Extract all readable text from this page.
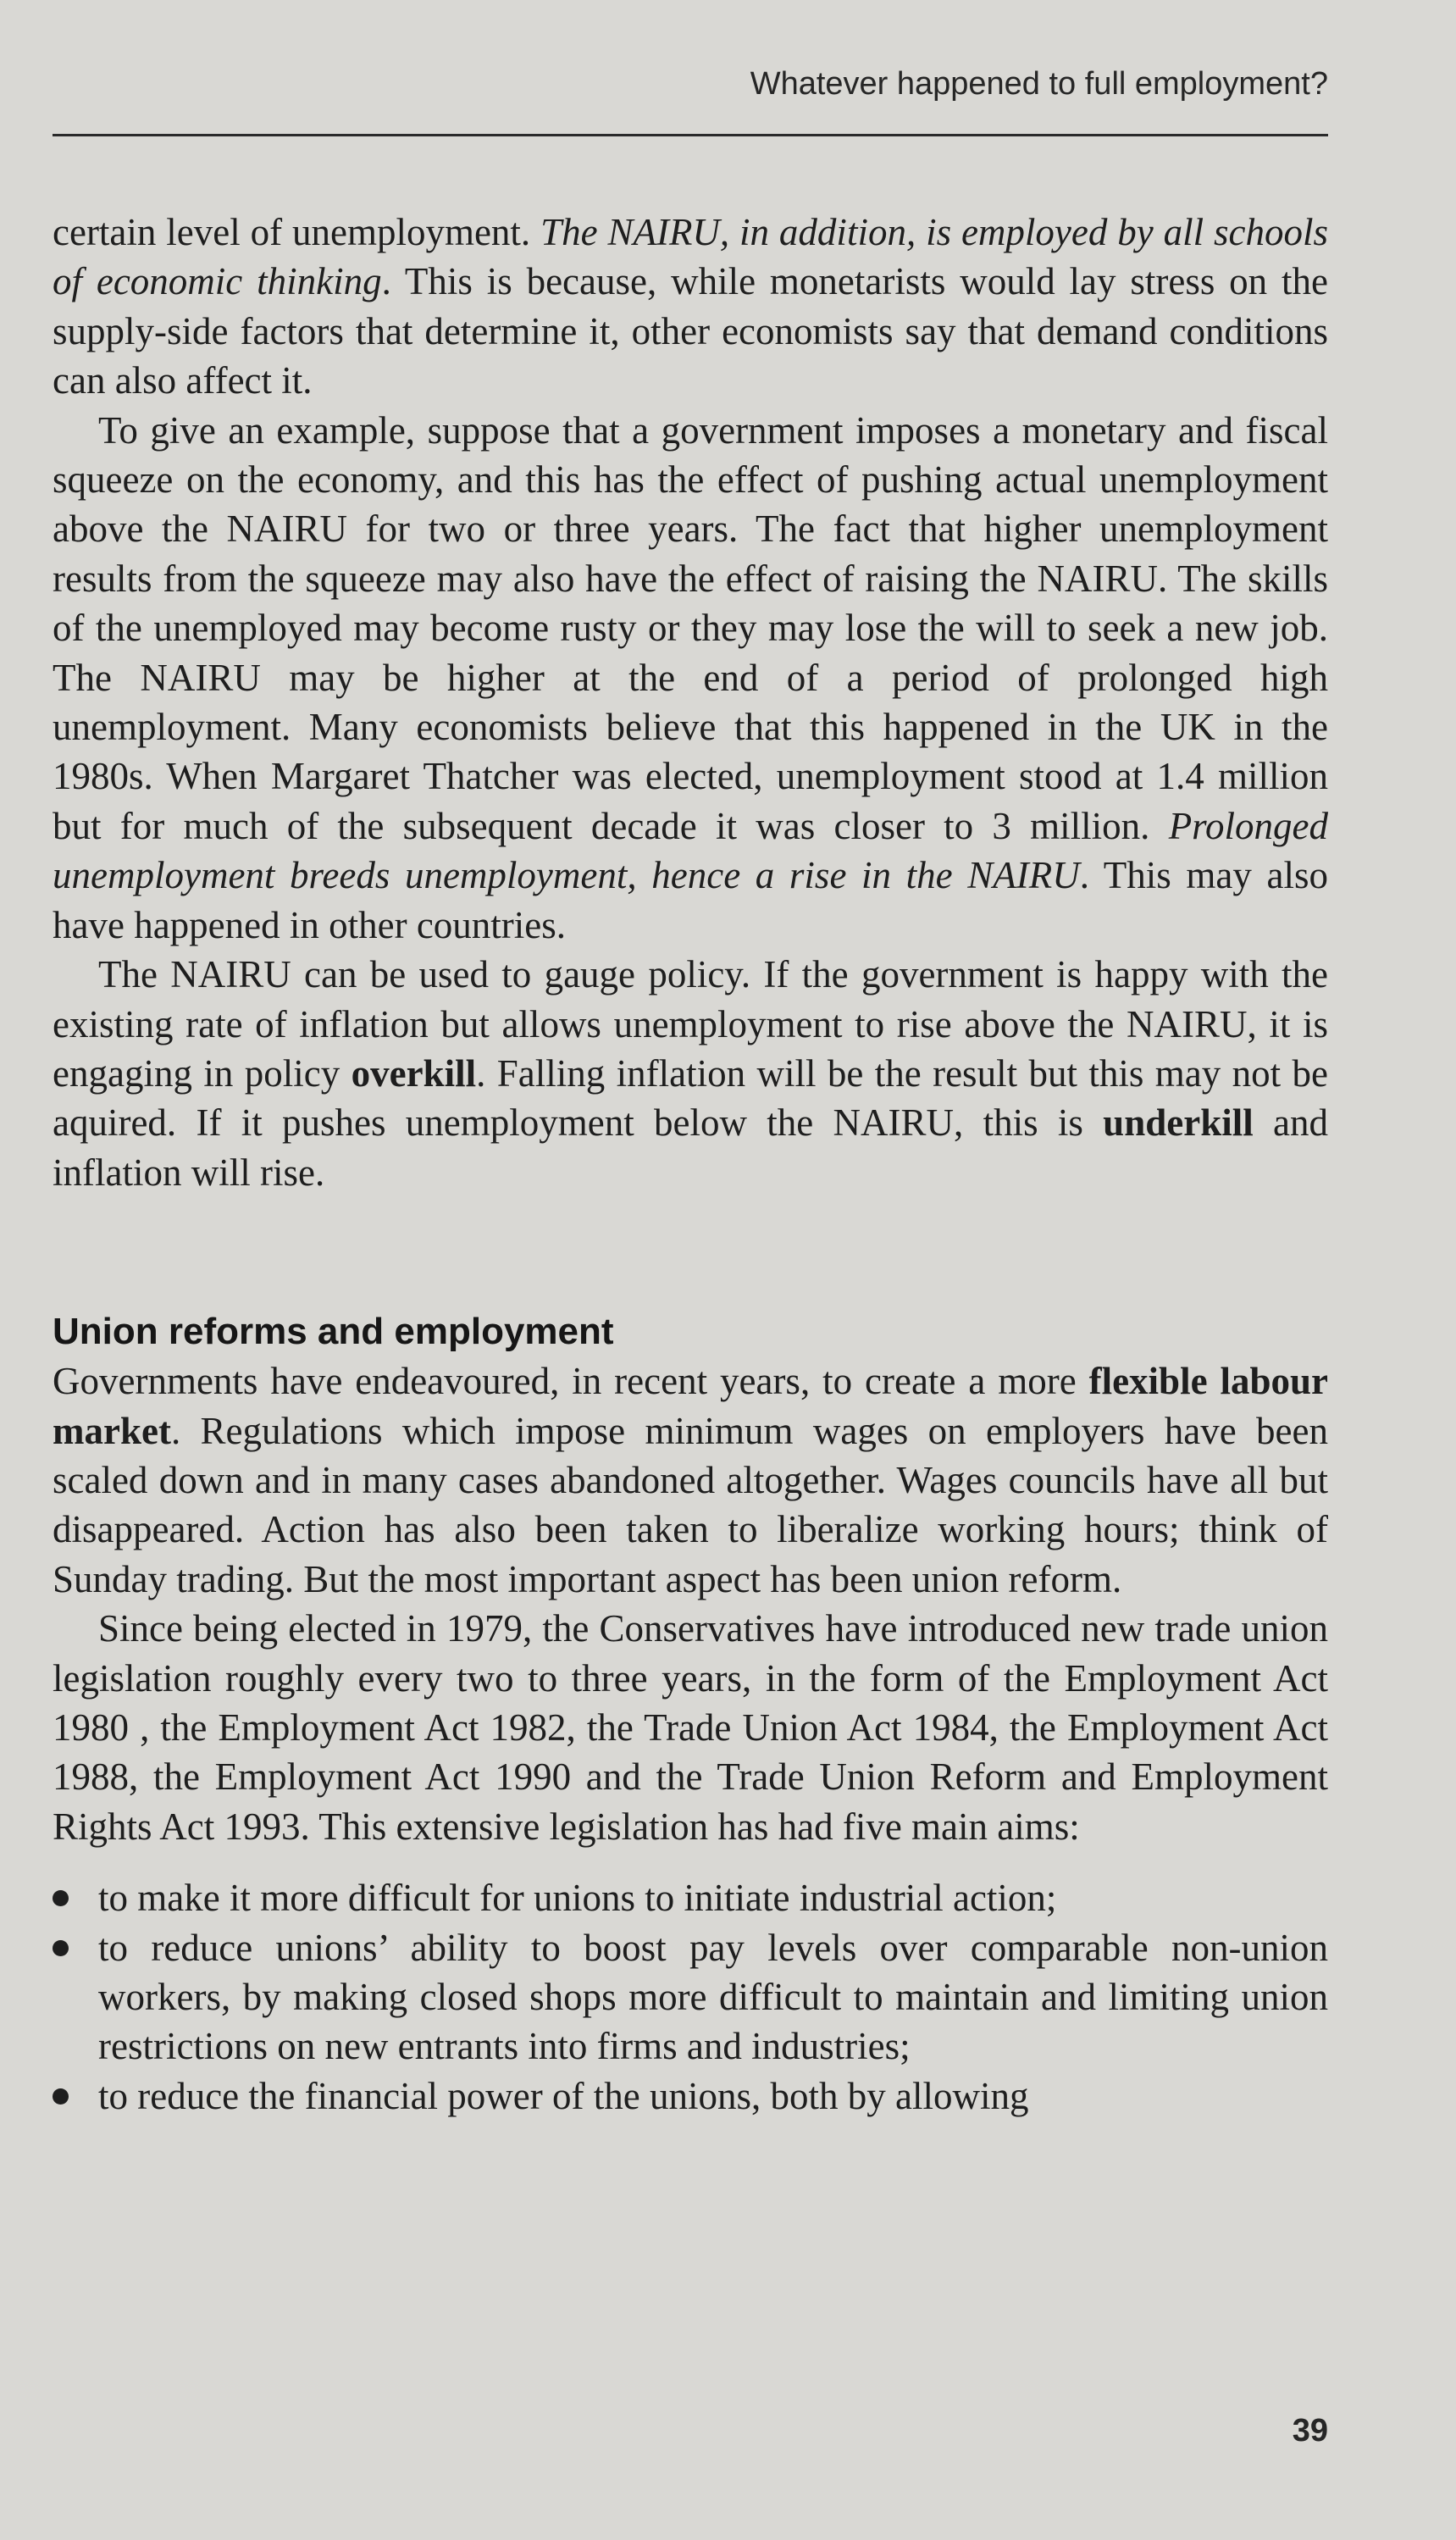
Whatever happened to full employment?

certain level of unemployment. The NAIRU, in addition, is employed by all schools of economic thinking. This is because, while monetarists would lay stress on the supply-side factors that determine it, other economists say that demand conditions can also affect it.

To give an example, suppose that a government imposes a monetary and fiscal squeeze on the economy, and this has the effect of pushing actual unemployment above the NAIRU for two or three years. The fact that higher unemployment results from the squeeze may also have the effect of raising the NAIRU. The skills of the unemployed may become rusty or they may lose the will to seek a new job. The NAIRU may be higher at the end of a period of prolonged high unemployment. Many economists believe that this happened in the UK in the 1980s. When Margaret Thatcher was elected, unemployment stood at 1.4 million but for much of the subsequent decade it was closer to 3 million. Prolonged unemployment breeds unemployment, hence a rise in the NAIRU. This may also have happened in other countries.

The NAIRU can be used to gauge policy. If the government is happy with the existing rate of inflation but allows unemployment to rise above the NAIRU, it is engaging in policy overkill. Falling inflation will be the result but this may not be aquired. If it pushes unemployment below the NAIRU, this is underkill and inflation will rise.

Union reforms and employment

Governments have endeavoured, in recent years, to create a more flexible labour market. Regulations which impose minimum wages on employers have been scaled down and in many cases abandoned altogether. Wages councils have all but disappeared. Action has also been taken to liberalize working hours; think of Sunday trading. But the most important aspect has been union reform.

Since being elected in 1979, the Conservatives have introduced new trade union legislation roughly every two to three years, in the form of the Employment Act 1980 , the Employment Act 1982, the Trade Union Act 1984, the Employment Act 1988, the Employment Act 1990 and the Trade Union Reform and Employment Rights Act 1993. This extensive legislation has had five main aims:

to make it more difficult for unions to initiate industrial action;
to reduce unions’ ability to boost pay levels over comparable non-union workers, by making closed shops more difficult to maintain and limiting union restrictions on new entrants into firms and industries;
to reduce the financial power of the unions, both by allowing
39
